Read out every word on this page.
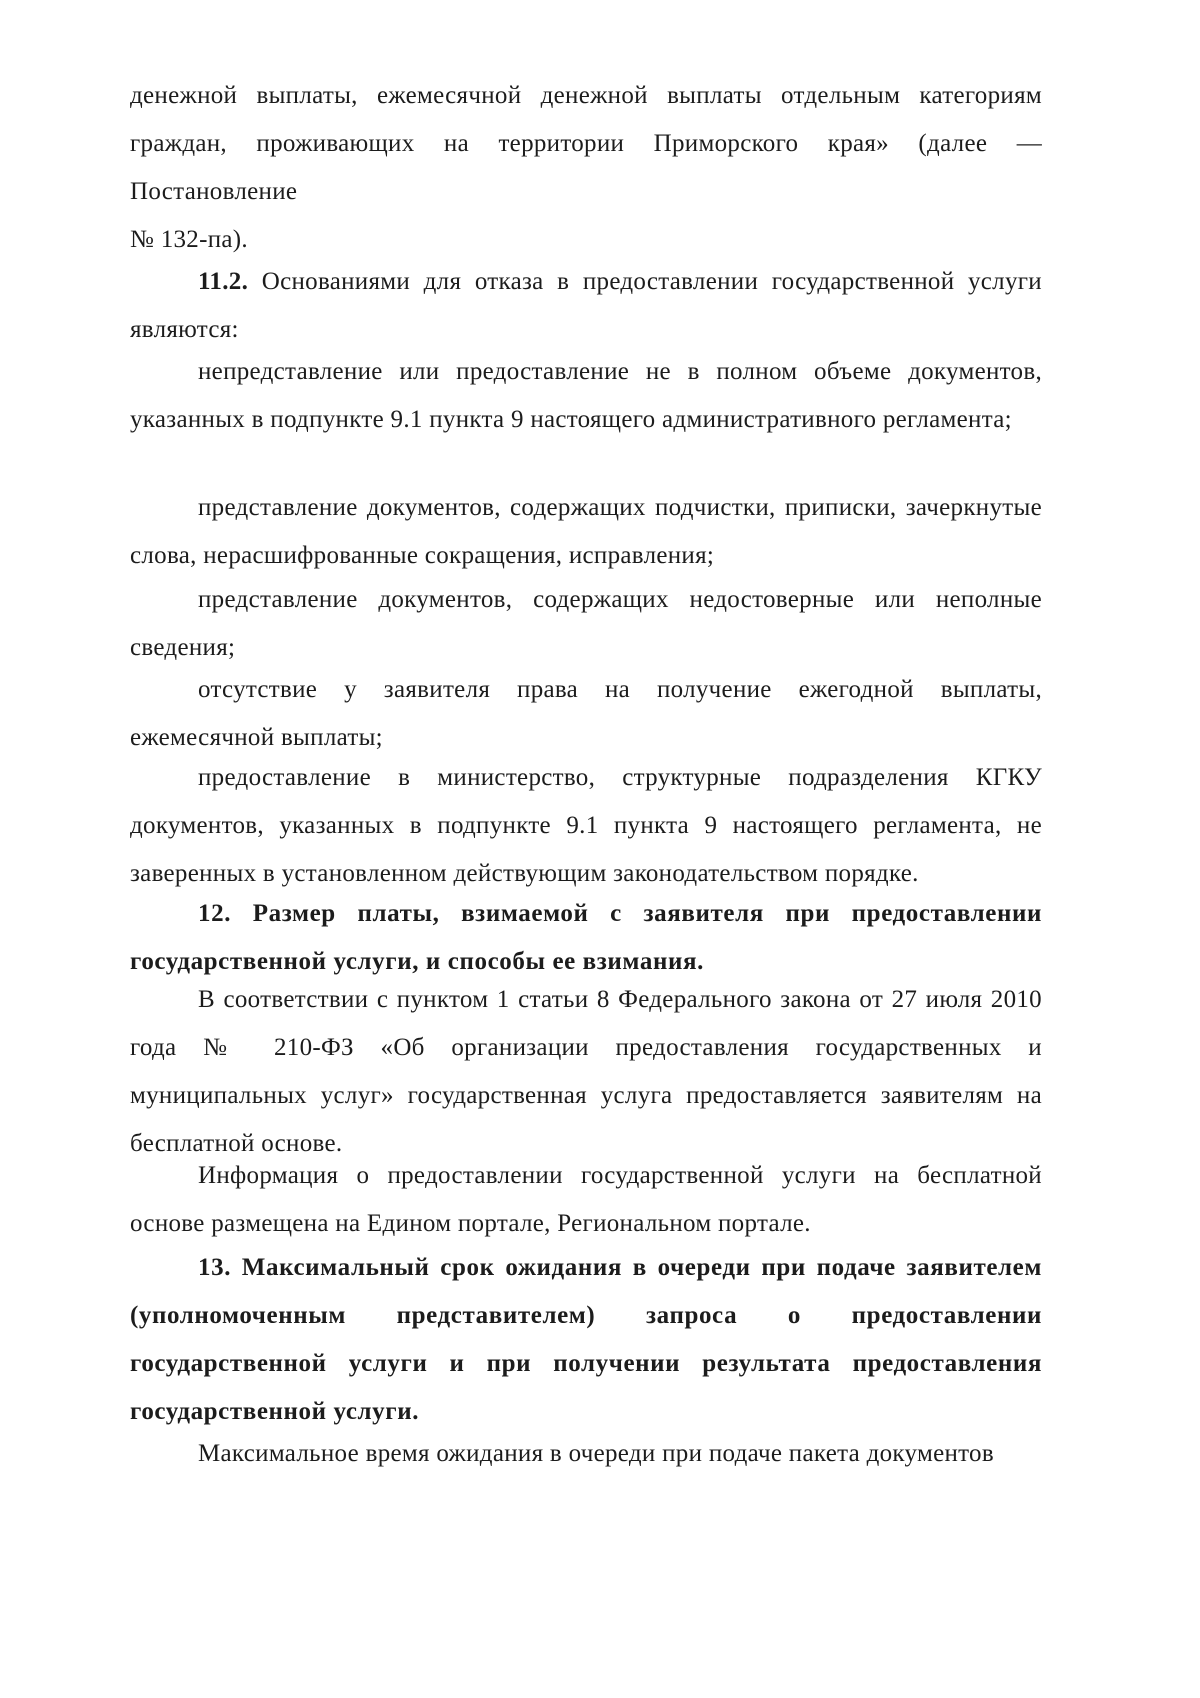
денежной выплаты, ежемесячной денежной выплаты отдельным категориям
граждан, проживающих на территории Приморского края» (далее —
Постановление
№ 132-па).

11.2. Основаниями для отказа в предоставлении государственной услуги являются:

непредставление или предоставление не в полном объеме документов, указанных в подпункте 9.1 пункта 9 настоящего административного регламента;

представление документов, содержащих подчистки, приписки, зачеркнутые слова, нерасшифрованные сокращения, исправления;

представление документов, содержащих недостоверные или неполные сведения;

отсутствие у заявителя права на получение ежегодной выплаты, ежемесячной выплаты;

предоставление в министерство, структурные подразделения КГКУ документов, указанных в подпункте 9.1 пункта 9 настоящего регламента, не заверенных в установленном действующим законодательством порядке.

12. Размер платы, взимаемой с заявителя при предоставлении государственной услуги, и способы ее взимания.

В соответствии с пунктом 1 статьи 8 Федерального закона от 27 июля 2010 года № 210-ФЗ «Об организации предоставления государственных и муниципальных услуг» государственная услуга предоставляется заявителям на бесплатной основе.

Информация о предоставлении государственной услуги на бесплатной основе размещена на Едином портале, Региональном портале.

13. Максимальный срок ожидания в очереди при подаче заявителем (уполномоченным представителем) запроса о предоставлении государственной услуги и при получении результата предоставления государственной услуги.

Максимальное время ожидания в очереди при подаче пакета документов
